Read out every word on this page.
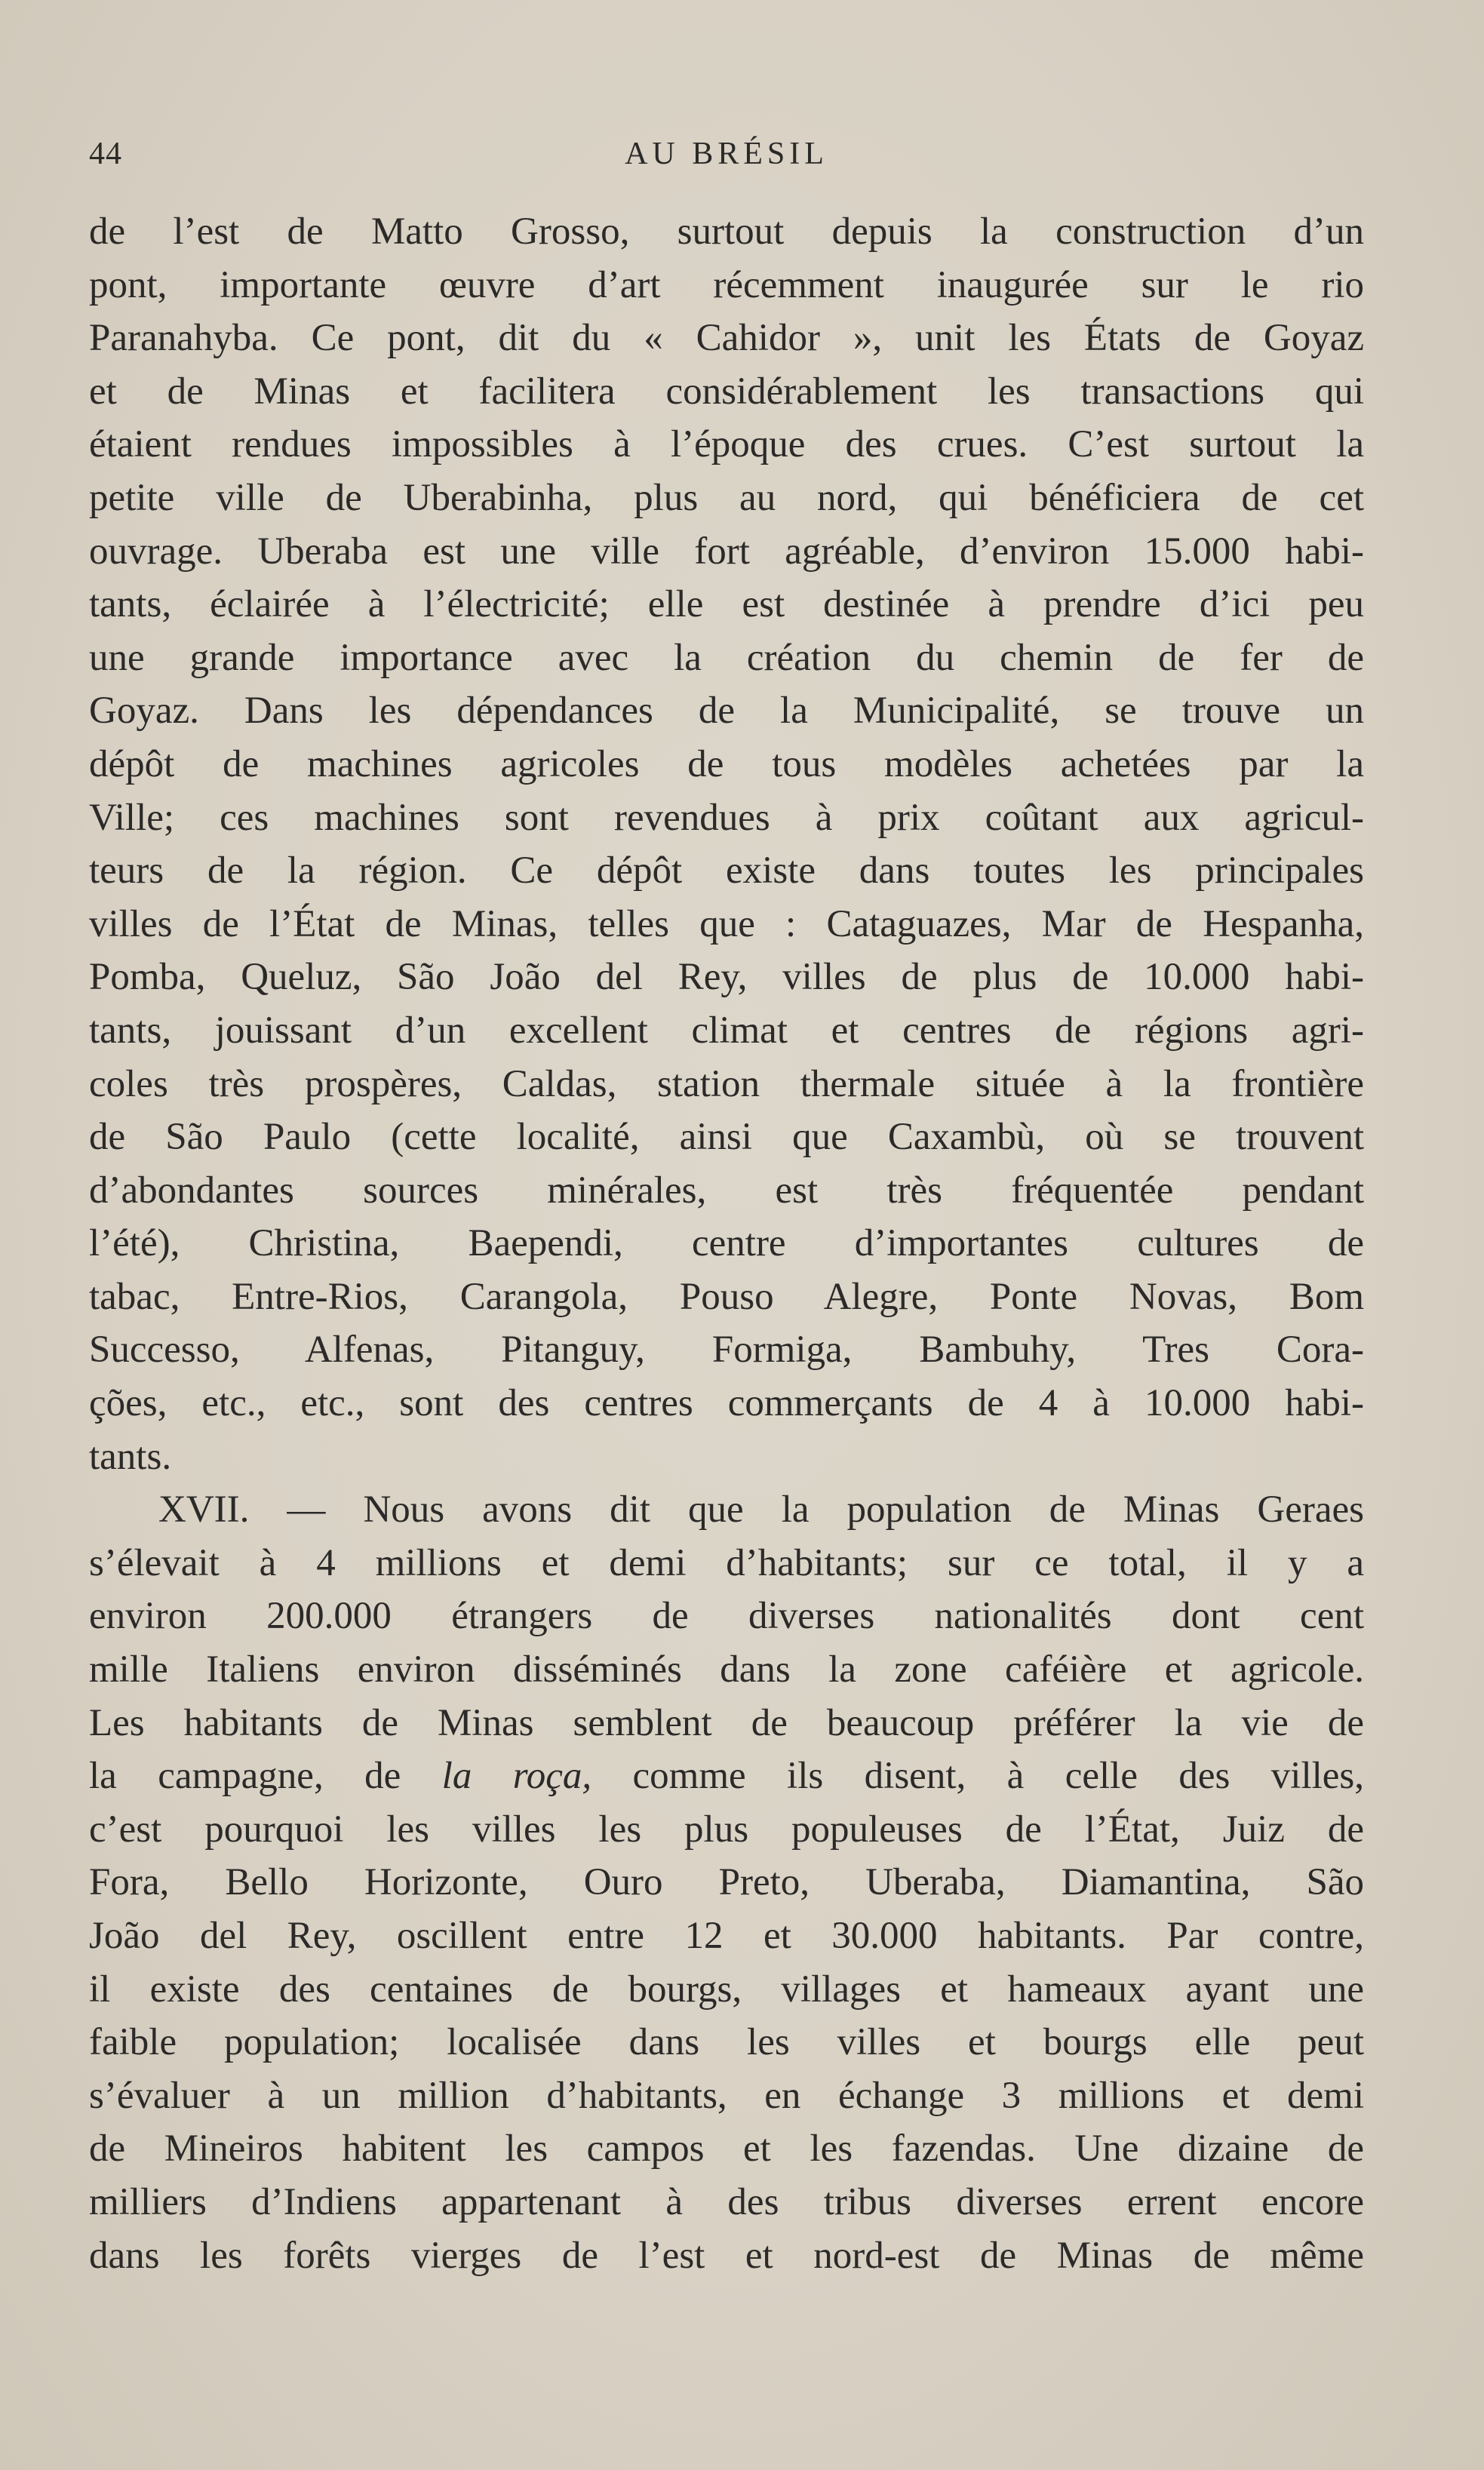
44	AU BRÉSIL
de l’est de Matto Grosso, surtout depuis la construction d’un
pont, importante œuvre d’art récemment inaugurée sur le rio
Paranahyba. Ce pont, dit du « Cahidor », unit les États de Goyaz
et de Minas et facilitera considérablement les transactions qui
étaient rendues impossibles à l’époque des crues. C’est surtout la
petite ville de Uberabinha, plus au nord, qui bénéficiera de cet
ouvrage. Uberaba est une ville fort agréable, d’environ 15.000 habi-
tants, éclairée à l’électricité; elle est destinée à prendre d’ici peu
une grande importance avec la création du chemin de fer de
Goyaz. Dans les dépendances de la Municipalité, se trouve un
dépôt de machines agricoles de tous modèles achetées par la
Ville; ces machines sont revendues à prix coûtant aux agricul-
teurs de la région. Ce dépôt existe dans toutes les principales
villes de l’État de Minas, telles que : Cataguazes, Mar de Hespanha,
Pomba, Queluz, São João del Rey, villes de plus de 10.000 habi-
tants, jouissant d’un excellent climat et centres de régions agri-
coles très prospères, Caldas, station thermale située à la frontière
de São Paulo (cette localité, ainsi que Caxambù, où se trouvent
d’abondantes sources minérales, est très fréquentée pendant
l’été), Christina, Baependi, centre d’importantes cultures de
tabac, Entre-Rios, Carangola, Pouso Alegre, Ponte Novas, Bom
Successo, Alfenas, Pitanguy, Formiga, Bambuhy, Tres Cora-
ções, etc., etc., sont des centres commerçants de 4 à 10.000 habi-
tants.
XVII. — Nous avons dit que la population de Minas Geraes
s’élevait à 4 millions et demi d’habitants; sur ce total, il y a
environ 200.000 étrangers de diverses nationalités dont cent
mille Italiens environ disséminés dans la zone caféière et agricole.
Les habitants de Minas semblent de beaucoup préférer la vie de
la campagne, de la roça, comme ils disent, à celle des villes,
c’est pourquoi les villes les plus populeuses de l’État, Juiz de
Fora, Bello Horizonte, Ouro Preto, Uberaba, Diamantina, São
João del Rey, oscillent entre 12 et 30.000 habitants. Par contre,
il existe des centaines de bourgs, villages et hameaux ayant une
faible population; localisée dans les villes et bourgs elle peut
s’évaluer à un million d’habitants, en échange 3 millions et demi
de Mineiros habitent les campos et les fazendas. Une dizaine de
milliers d’Indiens appartenant à des tribus diverses errent encore
dans les forêts vierges de l’est et nord-est de Minas de même
